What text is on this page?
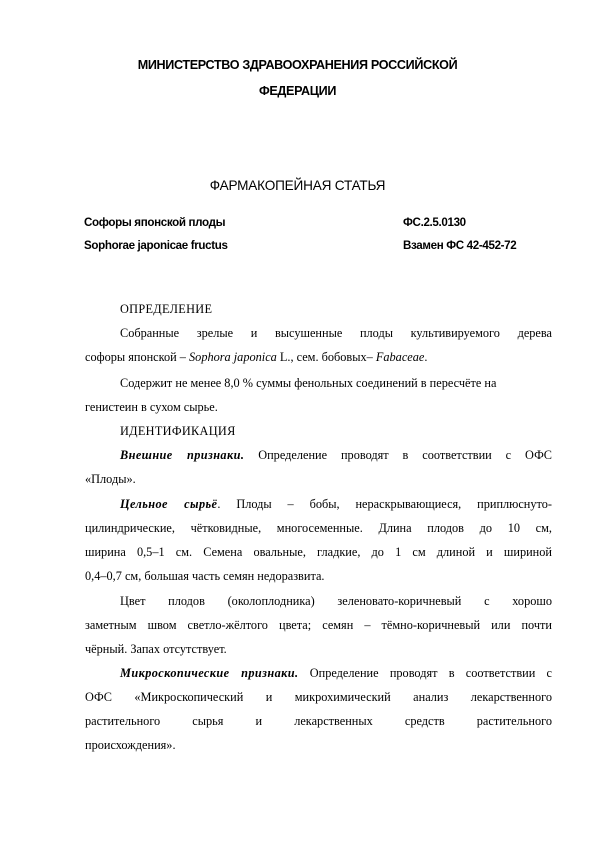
МИНИСТЕРСТВО ЗДРАВООХРАНЕНИЯ РОССИЙСКОЙ
ФЕДЕРАЦИИ
ФАРМАКОПЕЙНАЯ СТАТЬЯ
Софоры японской плоды
Sophorae japonicae fructus
ФС.2.5.0130
Взамен ФС 42-452-72
ОПРЕДЕЛЕНИЕ
Собранные зрелые и высушенные плоды культивируемого дерева
софоры японской – Sophora japonica L., сем. бобовых– Fabaceae.
Содержит не менее 8,0 % суммы фенольных соединений в пересчёте на
генистеин в сухом сырье.
ИДЕНТИФИКАЦИЯ
Внешние признаки. Определение проводят в соответствии с ОФС
«Плоды».
Цельное сырьё. Плоды – бобы, нераскрывающиеся, приплюснуто-
цилиндрические, чётковидные, многосеменные. Длина плодов до 10 см,
ширина 0,5–1 см. Семена овальные, гладкие, до 1 см длиной и шириной
0,4–0,7 см, большая часть семян недоразвита.
Цвет плодов (околоплодника) зеленовато-коричневый с хорошо
заметным швом светло-жёлтого цвета; семян – тёмно-коричневый или почти
чёрный. Запах отсутствует.
Микроскопические признаки. Определение проводят в соответствии с
ОФС «Микроскопический и микрохимический анализ лекарственного
растительного сырья и лекарственных средств растительного
происхождения».
